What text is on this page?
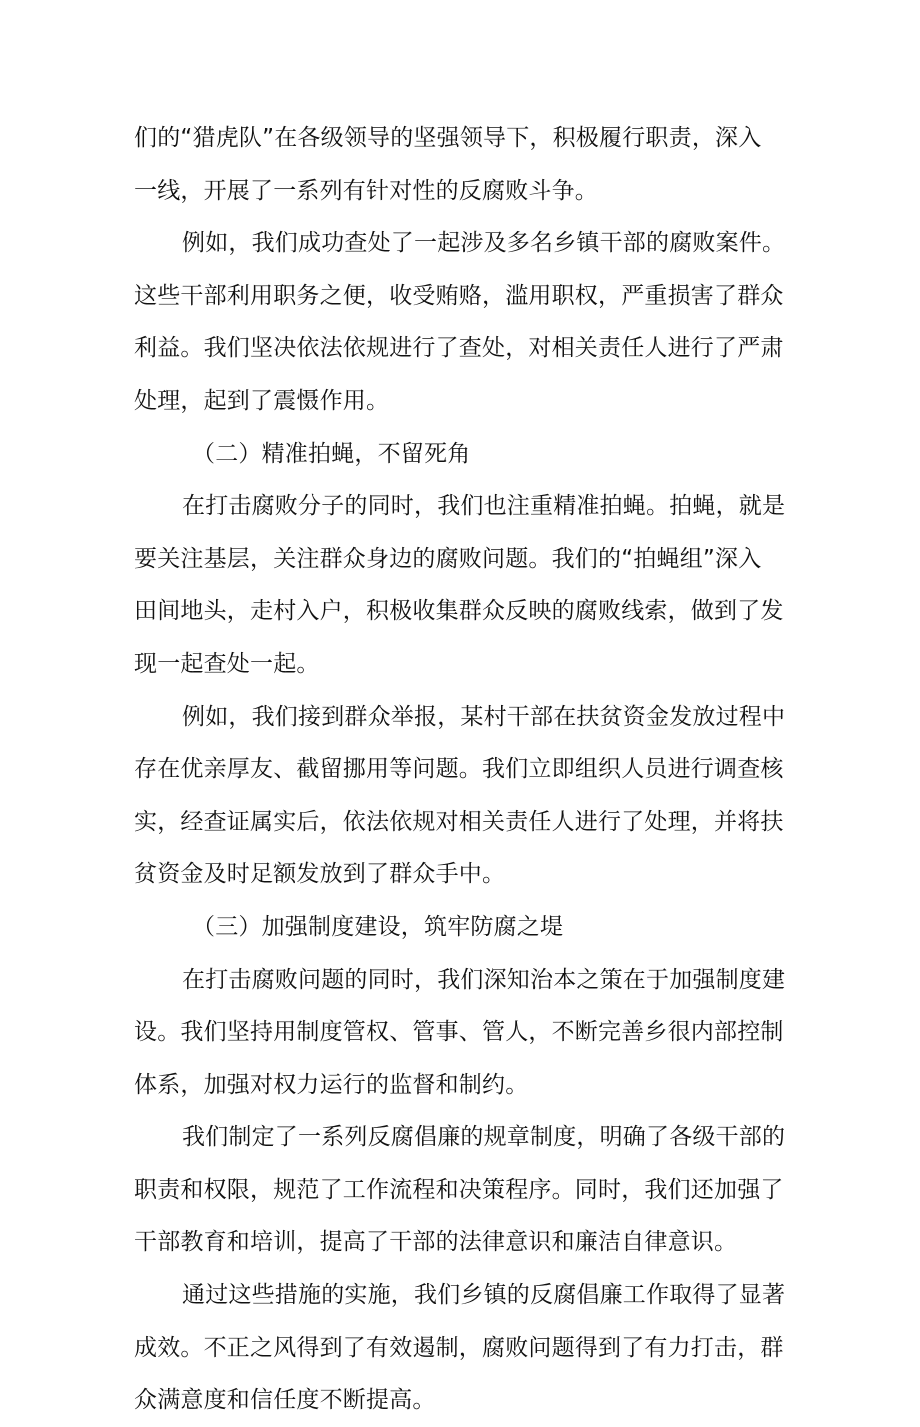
们的“猎虎队”在各级领导的坚强领导下，积极履行职责，深入
一线，开展了一系列有针对性的反腐败斗争。
例如，我们成功查处了一起涉及多名乡镇干部的腐败案件。
这些干部利用职务之便，收受贿赂，滥用职权，严重损害了群众
利益。我们坚决依法依规进行了查处，对相关责任人进行了严肃
处理，起到了震慑作用。
（二）精准拍蝇，不留死角
在打击腐败分子的同时，我们也注重精准拍蝇。拍蝇，就是
要关注基层，关注群众身边的腐败问题。我们的“拍蝇组”深入
田间地头，走村入户，积极收集群众反映的腐败线索，做到了发
现一起查处一起。
例如，我们接到群众举报，某村干部在扶贫资金发放过程中
存在优亲厚友、截留挪用等问题。我们立即组织人员进行调查核
实，经查证属实后，依法依规对相关责任人进行了处理，并将扶
贫资金及时足额发放到了群众手中。
（三）加强制度建设，筑牢防腐之堤
在打击腐败问题的同时，我们深知治本之策在于加强制度建
设。我们坚持用制度管权、管事、管人，不断完善乡很内部控制
体系，加强对权力运行的监督和制约。
我们制定了一系列反腐倡廉的规章制度，明确了各级干部的
职责和权限，规范了工作流程和决策程序。同时，我们还加强了
干部教育和培训，提高了干部的法律意识和廉洁自律意识。
通过这些措施的实施，我们乡镇的反腐倡廉工作取得了显著
成效。不正之风得到了有效遏制，腐败问题得到了有力打击，群
众满意度和信任度不断提高。
